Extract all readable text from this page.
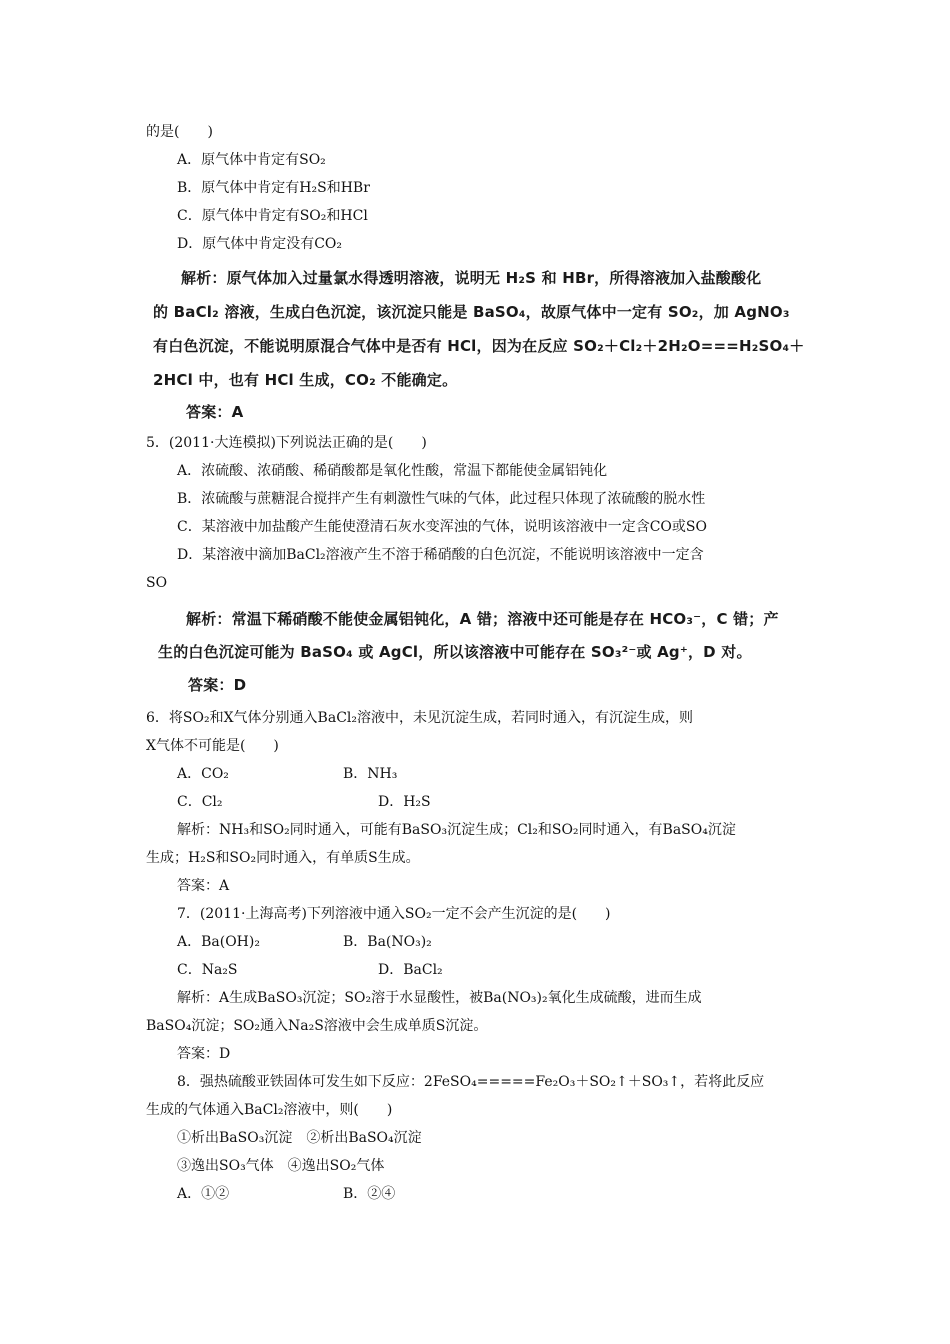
的是(　　)
A．原气体中肯定有SO₂
B．原气体中肯定有H₂S和HBr
C．原气体中肯定有SO₂和HCl
D．原气体中肯定没有CO₂
解析：原气体加入过量氯水得透明溶液，说明无 H₂S 和 HBr，所得溶液加入盐酸酸化
的 BaCl₂ 溶液，生成白色沉淀，该沉淀只能是 BaSO₄，故原气体中一定有 SO₂，加 AgNO₃
有白色沉淀，不能说明原混合气体中是否有 HCl，因为在反应 SO₂＋Cl₂＋2H₂O===H₂SO₄＋
2HCl 中，也有 HCl 生成，CO₂ 不能确定。
答案：A
5．(2011·大连模拟)下列说法正确的是(　　)
A．浓硫酸、浓硝酸、稀硝酸都是氧化性酸，常温下都能使金属铝钝化
B．浓硫酸与蔗糖混合搅拌产生有刺激性气味的气体，此过程只体现了浓硫酸的脱水性
C．某溶液中加盐酸产生能使澄清石灰水变浑浊的气体，说明该溶液中一定含CO或SO
D．某溶液中滴加BaCl₂溶液产生不溶于稀硝酸的白色沉淀，不能说明该溶液中一定含
SO
解析：常温下稀硝酸不能使金属铝钝化，A 错；溶液中还可能是存在 HCO₃⁻，C 错；产
生的白色沉淀可能为 BaSO₄ 或 AgCl，所以该溶液中可能存在 SO₃²⁻或 Ag⁺，D 对。
答案：D
6．将SO₂和X气体分别通入BaCl₂溶液中，未见沉淀生成，若同时通入，有沉淀生成，则
X气体不可能是(　　)
A．CO₂	B．NH₃
C．Cl₂	D．H₂S
解析：NH₃和SO₂同时通入，可能有BaSO₃沉淀生成；Cl₂和SO₂同时通入，有BaSO₄沉淀
生成；H₂S和SO₂同时通入，有单质S生成。
答案：A
7．(2011·上海高考)下列溶液中通入SO₂一定不会产生沉淀的是(　　)
A．Ba(OH)₂	B．Ba(NO₃)₂
C．Na₂S	D．BaCl₂
解析：A生成BaSO₃沉淀；SO₂溶于水显酸性，被Ba(NO₃)₂氧化生成硫酸，进而生成
BaSO₄沉淀；SO₂通入Na₂S溶液中会生成单质S沉淀。
答案：D
8．强热硫酸亚铁固体可发生如下反应：2FeSO₄=====Fe₂O₃＋SO₂↑＋SO₃↑，若将此反应
生成的气体通入BaCl₂溶液中，则(　　)
①析出BaSO₃沉淀　②析出BaSO₄沉淀
③逸出SO₃气体　④逸出SO₂气体
A．①②	B．②④
